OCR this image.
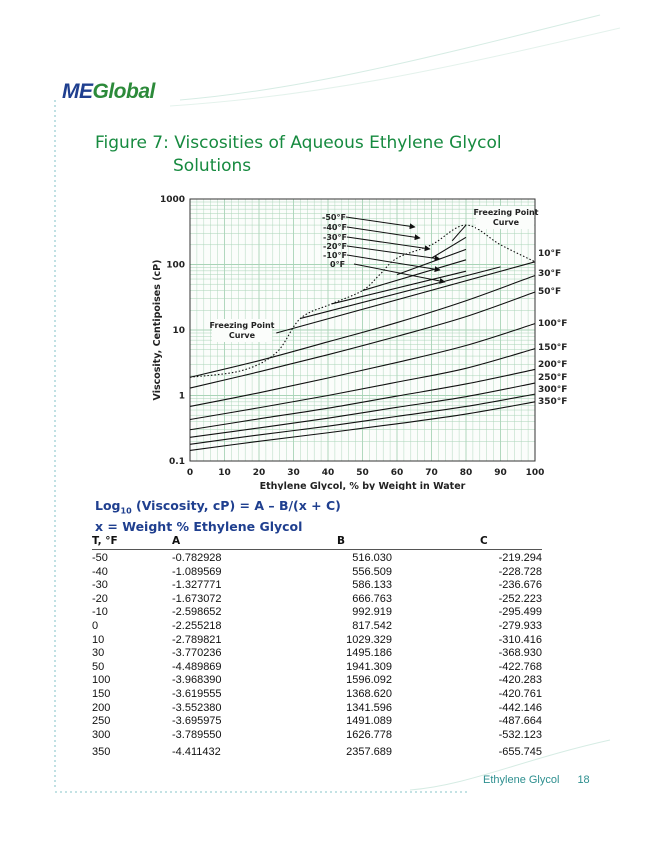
MEGlobal
Figure 7: Viscosities of Aqueous Ethylene Glycol
Solutions
0	10 20 30 40 50 60 70 80 90 100
0.1
1
10
100
1000
Ethylene Glycol, % by Weight in Water
Viscosity, Centipoises (cP)
10°F
30°F
50°F
100°F
150°F
200°F
250°F
300°F
350°F
-50°F
-40°F
-30°F
-20°F
-10°F
0°F
Freezing Point
Curve
Freezing Point
Curve
Log$_{10}$ (Viscosity, cP) = A – B/(x + C)
x = Weight % Ethylene Glycol
T, °F	A	B	C
-50	-0.782928	516.030	-219.294
-40	-1.089569	556.509	-228.728
-30	-1.327771	586.133	-236.676
-20	-1.673072	666.763	-252.223
-10	-2.598652	992.919	-295.499
0	-2.255218	817.542	-279.933
10	-2.789821	1029.329	-310.416
30	-3.770236	1495.186	-368.930
50	-4.489869	1941.309	-422.768
100	-3.968390	1596.092	-420.283
150	-3.619555	1368.620	-420.761
200	-3.552380	1341.596	-442.146
250	-3.695975	1491.089	-487.664
300	-3.789550	1626.778	-532.123
350	-4.411432	2357.689	-655.745
Ethylene Glycol 18
